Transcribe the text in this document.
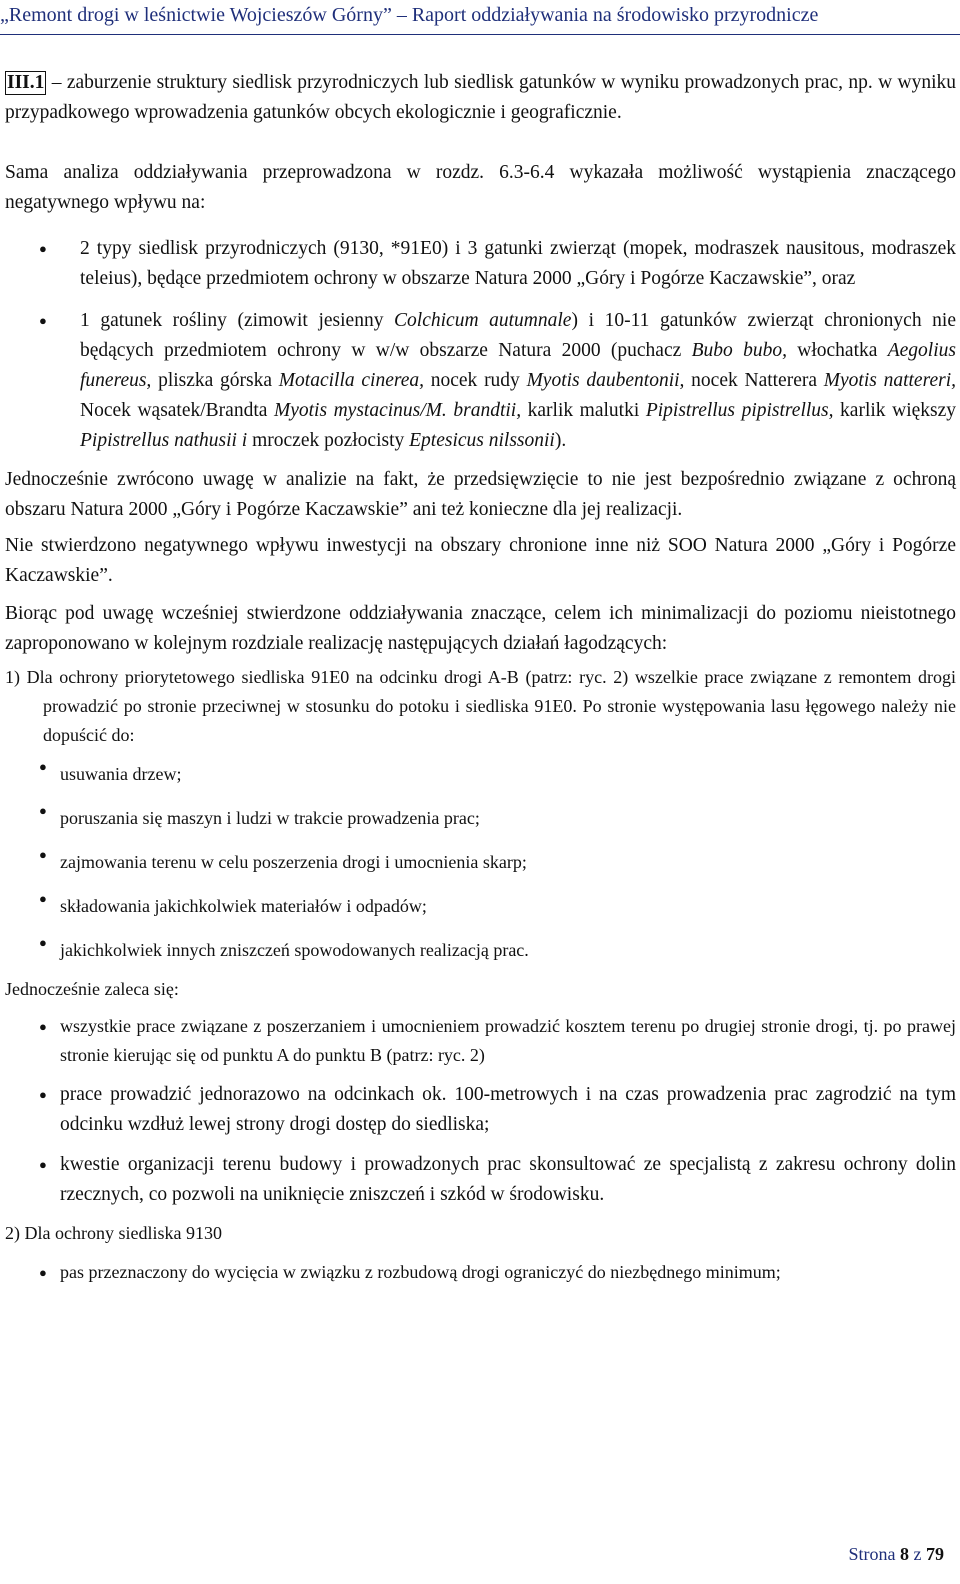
„Remont drogi w leśnictwie Wojcieszów Górny” – Raport oddziaływania na środowisko przyrodnicze

III.1 – zaburzenie struktury siedlisk przyrodniczych lub siedlisk gatunków w wyniku prowadzonych prac, np. w wyniku przypadkowego wprowadzenia gatunków obcych ekologicznie i geograficznie.

Sama analiza oddziaływania przeprowadzona w rozdz. 6.3-6.4 wykazała możliwość wystąpienia znaczącego negatywnego wpływu na:

● 2 typy siedlisk przyrodniczych (9130, *91E0) i 3 gatunki zwierząt (mopek, modraszek nausitous, modraszek teleius), będące przedmiotem ochrony w obszarze Natura 2000 „Góry i Pogórze Kaczawskie”, oraz
● 1 gatunek rośliny (zimowit jesienny Colchicum autumnale) i 10-11 gatunków zwierząt chronionych nie będących przedmiotem ochrony w w/w obszarze Natura 2000 (puchacz Bubo bubo, włochatka Aegolius funereus, pliszka górska Motacilla cinerea, nocek rudy Myotis daubentonii, nocek Natterera Myotis nattereri, Nocek wąsatek/Brandta Myotis mystacinus/M. brandtii, karlik malutki Pipistrellus pipistrellus, karlik większy Pipistrellus nathusii i mroczek pozłocisty Eptesicus nilssonii).

Jednocześnie zwrócono uwagę w analizie na fakt, że przedsięwzięcie to nie jest bezpośrednio związane z ochroną obszaru Natura 2000 „Góry i Pogórze Kaczawskie” ani też konieczne dla jej realizacji.

Nie stwierdzono negatywnego wpływu inwestycji na obszary chronione inne niż SOO Natura 2000 „Góry i Pogórze Kaczawskie”.

Biorąc pod uwagę wcześniej stwierdzone oddziaływania znaczące, celem ich minimalizacji do poziomu nieistotnego zaproponowano w kolejnym rozdziale realizację następujących działań łagodzących:

1) Dla ochrony priorytetowego siedliska 91E0 na odcinku drogi A-B (patrz: ryc. 2) wszelkie prace związane z remontem drogi prowadzić po stronie przeciwnej w stosunku do potoku i siedliska 91E0. Po stronie występowania lasu łęgowego należy nie dopuścić do:

● usuwania drzew;
● poruszania się maszyn i ludzi w trakcie prowadzenia prac;
● zajmowania terenu w celu poszerzenia drogi i umocnienia skarp;
● składowania jakichkolwiek materiałów i odpadów;
● jakichkolwiek innych zniszczeń spowodowanych realizacją prac.

Jednocześnie zaleca się:

● wszystkie prace związane z poszerzaniem i umocnieniem prowadzić kosztem terenu po drugiej stronie drogi, tj. po prawej stronie kierując się od punktu A do punktu B (patrz: ryc. 2)
● prace prowadzić jednorazowo na odcinkach ok. 100-metrowych i na czas prowadzenia prac zagrodzić na tym odcinku wzdłuż lewej strony drogi dostęp do siedliska;
● kwestie organizacji terenu budowy i prowadzonych prac skonsultować ze specjalistą z zakresu ochrony dolin rzecznych, co pozwoli na uniknięcie zniszczeń i szkód w środowisku.

2) Dla ochrony siedliska 9130

● pas przeznaczony do wycięcia w związku z rozbudową drogi ograniczyć do niezbędnego minimum;
Strona 8 z 79
